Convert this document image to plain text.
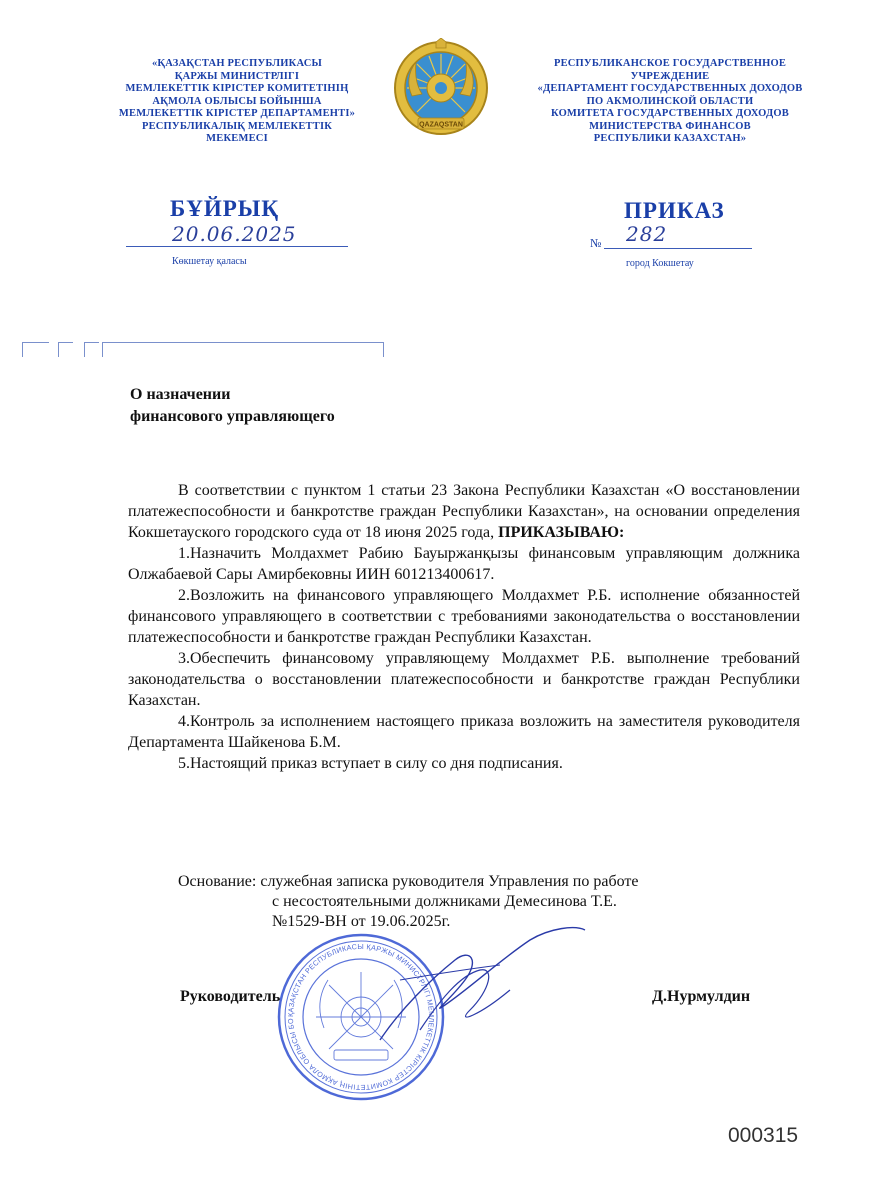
«ҚАЗАҚСТАН РЕСПУБЛИКАСЫ
ҚАРЖЫ МИНИСТРЛІГІ
МЕМЛЕКЕТТІК КІРІСТЕР КОМИТЕТІНІҢ
АҚМОЛА ОБЛЫСЫ БОЙЫНША
МЕМЛЕКЕТТІК КІРІСТЕР ДЕПАРТАМЕНТІ»
РЕСПУБЛИКАЛЫҚ МЕМЛЕКЕТТІК
МЕКЕМЕСІ
QAZAQSTAN
РЕСПУБЛИКАНСКОЕ ГОСУДАРСТВЕННОЕ
УЧРЕЖДЕНИЕ
«ДЕПАРТАМЕНТ ГОСУДАРСТВЕННЫХ ДОХОДОВ
ПО АКМОЛИНСКОЙ ОБЛАСТИ
КОМИТЕТА ГОСУДАРСТВЕННЫХ ДОХОДОВ
МИНИСТЕРСТВА ФИНАНСОВ
РЕСПУБЛИКИ КАЗАХСТАН»
БҰЙРЫҚ	ПРИКАЗ
20.06.2025
Көкшетау қаласы
№ 282
город Кокшетау
О назначении
финансового управляющего

В соответствии с пунктом 1 статьи 23 Закона Республики Казахстан «О восстановлении платежеспособности и банкротстве граждан Республики Казахстан», на основании определения Кокшетауского городского суда от 18 июня 2025 года, ПРИКАЗЫВАЮ:

1.Назначить Молдахмет Рабию Бауыржанқызы финансовым управляющим должника Олжабаевой Сары Амирбековны ИИН 601213400617.

2.Возложить на финансового управляющего Молдахмет Р.Б. исполнение обязанностей финансового управляющего в соответствии с требованиями законодательства о восстановлении платежеспособности и банкротстве граждан Республики Казахстан.

3.Обеспечить финансовому управляющему Молдахмет Р.Б. выполнение требований законодательства о восстановлении платежеспособности и банкротстве граждан Республики Казахстан.

4.Контроль за исполнением настоящего приказа возложить на заместителя руководителя Департамента Шайкенова Б.М.

5.Настоящий приказ вступает в силу со дня подписания.

Основание: служебная записка руководителя Управления по работе
с несостоятельными должниками Демесинова Т.Е.
№1529-ВН от 19.06.2025г.
ҚАЗАҚСТАН РЕСПУБЛИКАСЫ ҚАРЖЫ МИНИСТРЛІГІ МЕМЛЕКЕТТІК КІРІСТЕР КОМИТЕТІНІҢ АҚМОЛА ОБЛЫСЫ БО
Руководитель	Д.Нурмулдин
000315
